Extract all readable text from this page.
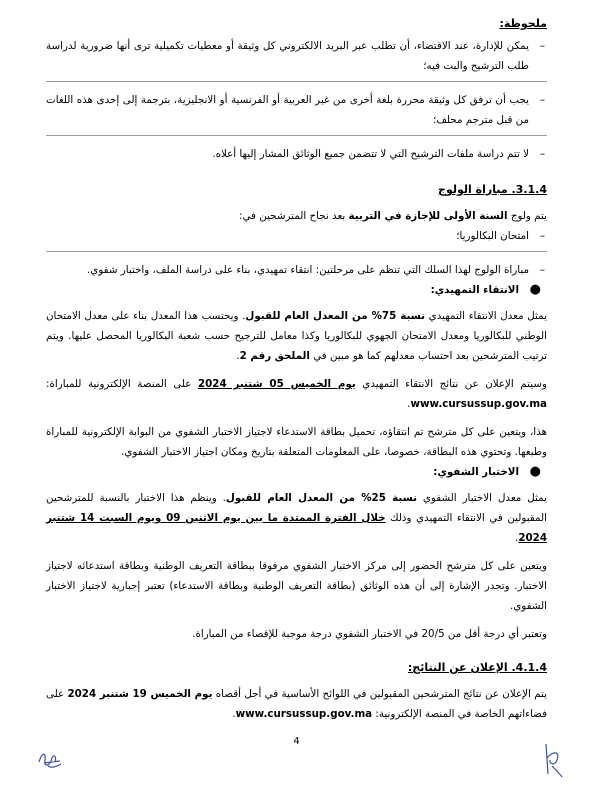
ملحوظة:

– يمكن للإدارة، عند الاقتضاء، أن تطلب عبر البريد الالكتروني كل وثيقة أو معطيات تكميلية ترى أنها ضرورية لدراسة طلب الترشيح والبت فيه؛

– يجب أن ترفق كل وثيقة محررة بلغة أخرى من غير العربية أو الفرنسية أو الانجليزية، بترجمة إلى إحدى هذه اللغات من قبل مترجم محلف؛

– لا تتم دراسة ملفات الترشيح التي لا تتضمن جميع الوثائق المشار إليها أعلاه.

3.1.4. مباراة الولوج

يتم ولوج السنة الأولى للإجازة في التربية بعد نجاح المترشحين في:

– امتحان البكالوريا؛

– مباراة الولوج لهذا السلك التي تنظم على مرحلتين: انتقاء تمهيدي، بناء على دراسة الملف، واختبار شفوي.

●
الانتقاء التمهيدي:

يمثل معدل الانتقاء التمهيدي نسبة 75% من المعدل العام للقبول. ويحتسب هذا المعدل بناء على معدل الامتحان الوطني للبكالوريا ومعدل الامتحان الجهوي للبكالوريا وكذا معامل للترجيح حسب شعبة البكالوريا المحصل عليها. ويتم ترتيب المترشحين بعد احتساب معدلهم كما هو مبين في الملحق رقم 2.

وسيتم الإعلان عن نتائج الانتقاء التمهيدي يوم الخميس 05 شتنبر 2024 على المنصة الإلكترونية للمباراة: www.cursussup.gov.ma.

هذا، ويتعين على كل مترشح تم انتقاؤه، تحميل بطاقة الاستدعاء لاجتياز الاختبار الشفوي من البوابة الإلكترونية للمباراة وطبعها. وتحتوي هذه البطاقة، خصوصا، على المعلومات المتعلقة بتاريخ ومكان اجتياز الاختبار الشفوي.

●
الاختبار الشفوي:

يمثل معدل الاختبار الشفوي نسبة 25% من المعدل العام للقبول. وينظم هذا الاختبار بالنسبة للمترشحين المقبولين في الانتقاء التمهيدي وذلك خلال الفترة الممتدة ما بين يوم الاثنين 09 ويوم السبت 14 شتنبر 2024.

ويتعين على كل مترشح الحضور إلى مركز الاختبار الشفوي مرفوقا ببطاقة التعريف الوطنية وبطاقة استدعائه لاجتياز الاختبار. وتجدر الإشارة إلى أن هذه الوثائق (بطاقة التعريف الوطنية وبطاقة الاستدعاء) تعتبر إجبارية لاجتياز الاختبار الشفوي.

وتعتبر أي درجة أقل من 20/5 في الاختبار الشفوي درجة موجبة للإقصاء من المباراة.

4.1.4. الإعلان عن النتائج:

يتم الإعلان عن نتائج المترشحين المقبولين في اللوائح الأساسية في أجل أقصاه يوم الخميس 19 شتنبر 2024 على فضاءاتهم الخاصة في المنصة الإلكترونية: www.cursussup.gov.ma.

4
